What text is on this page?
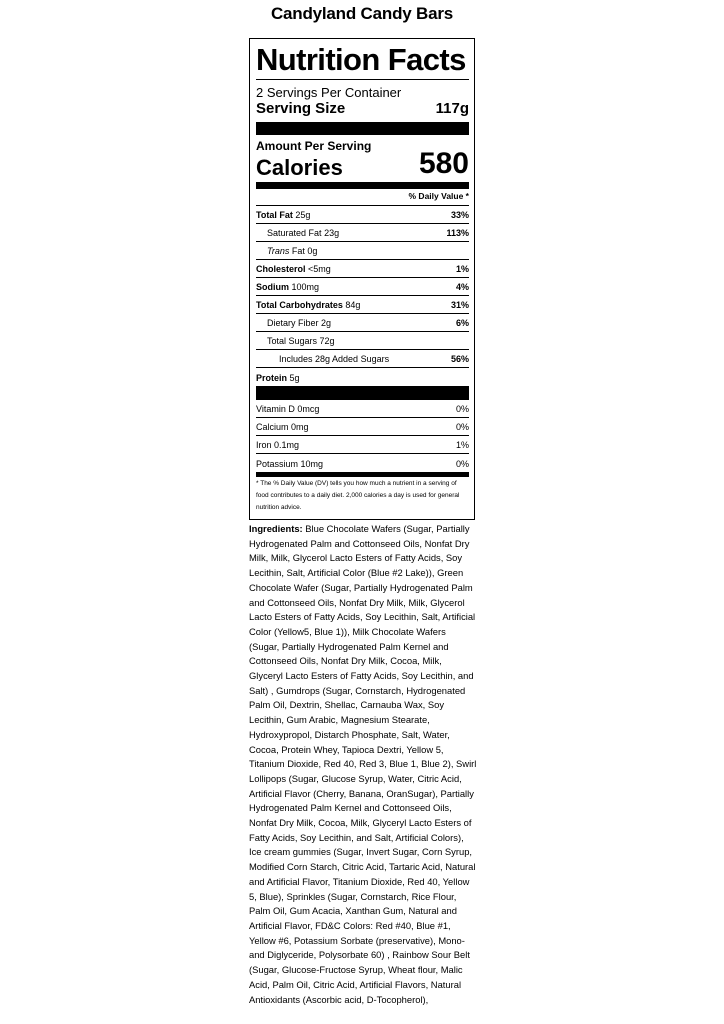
Candyland Candy Bars
Nutrition Facts
2 Servings Per Container
Serving Size	117g
Amount Per Serving
Calories	580
% Daily Value *
Total Fat 25g	33%
Saturated Fat 23g	113%
Trans Fat 0g
Cholesterol <5mg	1%
Sodium 100mg	4%
Total Carbohydrates 84g	31%
Dietary Fiber 2g	6%
Total Sugars 72g
Includes 28g Added Sugars	56%
Protein 5g
Vitamin D 0mcg	0%
Calcium 0mg	0%
Iron 0.1mg	1%
Potassium 10mg	0%
* The % Daily Value (DV) tells you how much a nutrient in a serving of food contributes to a daily diet. 2,000 calories a day is used for general nutrition advice.
Ingredients: Blue Chocolate Wafers (Sugar, Partially Hydrogenated Palm and Cottonseed Oils, Nonfat Dry Milk, Milk, Glycerol Lacto Esters of Fatty Acids, Soy Lecithin, Salt, Artificial Color (Blue #2 Lake)), Green Chocolate Wafer (Sugar, Partially Hydrogenated Palm and Cottonseed Oils, Nonfat Dry Milk, Milk, Glycerol Lacto Esters of Fatty Acids, Soy Lecithin, Salt, Artificial Color (Yellow5, Blue 1)), Milk Chocolate Wafers (Sugar, Partially Hydrogenated Palm Kernel and Cottonseed Oils, Nonfat Dry Milk, Cocoa, Milk, Glyceryl Lacto Esters of Fatty Acids, Soy Lecithin, and Salt) , Gumdrops (Sugar, Cornstarch, Hydrogenated Palm Oil, Dextrin, Shellac, Carnauba Wax, Soy Lecithin, Gum Arabic, Magnesium Stearate, Hydroxypropol, Distarch Phosphate, Salt, Water, Cocoa, Protein Whey, Tapioca Dextri, Yellow 5, Titanium Dioxide, Red 40, Red 3, Blue 1, Blue 2), Swirl Lollipops (Sugar, Glucose Syrup, Water, Citric Acid, Artificial Flavor (Cherry, Banana, OranSugar), Partially Hydrogenated Palm Kernel and Cottonseed Oils, Nonfat Dry Milk, Cocoa, Milk, Glyceryl Lacto Esters of Fatty Acids, Soy Lecithin, and Salt, Artificial Colors), Ice cream gummies (Sugar, Invert Sugar, Corn Syrup, Modified Corn Starch, Citric Acid, Tartaric Acid, Natural and Artificial Flavor, Titanium Dioxide, Red 40, Yellow 5, Blue), Sprinkles (Sugar, Cornstarch, Rice Flour, Palm Oil, Gum Acacia, Xanthan Gum, Natural and Artificial Flavor, FD&C Colors: Red #40, Blue #1, Yellow #6, Potassium Sorbate (preservative), Mono- and Diglyceride, Polysorbate 60) , Rainbow Sour Belt (Sugar, Glucose-Fructose Syrup, Wheat flour, Malic Acid, Palm Oil, Citric Acid, Artificial Flavors, Natural Antioxidants (Ascorbic acid, D-Tocopherol),
